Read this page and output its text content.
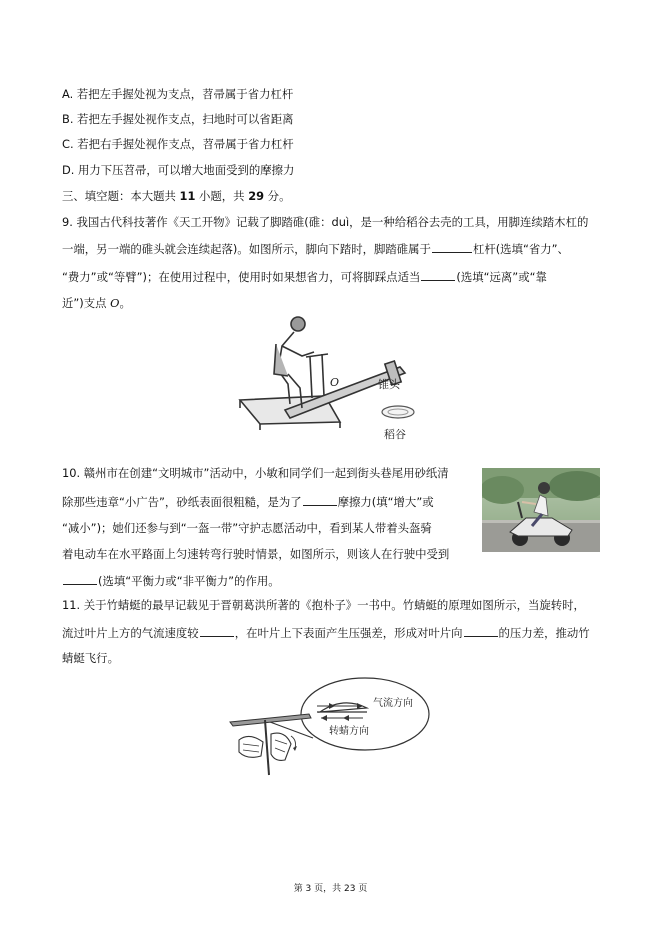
A. 若把左手握处视为支点，苕帚属于省力杠杆
B. 若把左手握处视作支点，扫地时可以省距离
C. 若把右手握处视作支点，苕帚属于省力杠杆
D. 用力下压苕帚，可以增大地面受到的摩擦力
三、填空题：本大题共 11 小题，共 29 分。
9. 我国古代科技著作《天工开物》记载了脚踏碓(碓：duì，是一种给稻谷去壳的工具，用脚连续踏木杠的
一端，另一端的碓头就会连续起落)。如图所示，脚向下踏时，脚踏碓属于	杠杆(选填“省力”、
“费力”或“等臂”)；在使用过程中，使用时如果想省力，可将脚踩点适当	(选填“远离”或“靠
近”)支点 O。
O	锥头
稻谷
10. 赣州市在创建“文明城市”活动中，小敏和同学们一起到街头巷尾用砂纸清
除那些违章“小广告”，砂纸表面很粗糙，是为了	摩擦力(填“增大”或
“减小”)；她们还参与到“一盔一带”守护志愿活动中，看到某人带着头盔骑
着电动车在水平路面上匀速转弯行驶时情景，如图所示，则该人在行驶中受到
(选填“平衡力或“非平衡力”的作用。
11. 关于竹蜻蜓的最早记载见于晋朝葛洪所著的《抱朴子》一书中。竹蜻蜓的原理如图所示，当旋转时，
流过叶片上方的气流速度较	，在叶片上下表面产生压强差，形成对叶片向	的压力差，推动竹
蜻蜓飞行。
气流方向
转蜻方向
第 3 页，共 23 页
